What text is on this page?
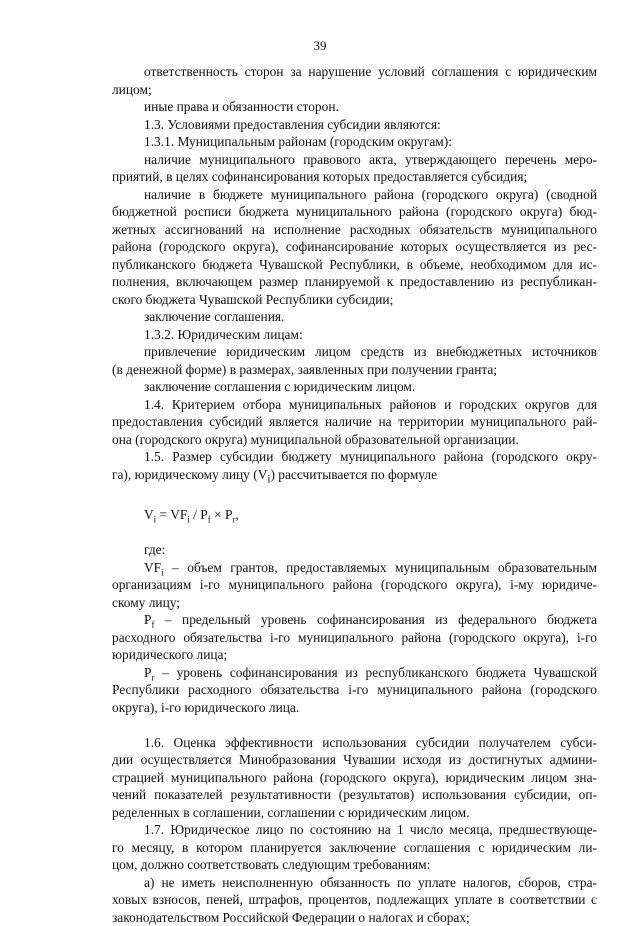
39
ответственность сторон за нарушение условий соглашения с юридическим
лицом;
иные права и обязанности сторон.
1.3. Условиями предоставления субсидии являются:
1.3.1. Муниципальным районам (городским округам):
наличие муниципального правового акта, утверждающего перечень меро-
приятий, в целях софинансирования которых предоставляется субсидия;
наличие в бюджете муниципального района (городского округа) (сводной
бюджетной росписи бюджета муниципального района (городского округа) бюд-
жетных ассигнований на исполнение расходных обязательств муниципального
района (городского округа), софинансирование которых осуществляется из рес-
публиканского бюджета Чувашской Республики, в объеме, необходимом для ис-
полнения, включающем размер планируемой к предоставлению из республикан-
ского бюджета Чувашской Республики субсидии;
заключение соглашения.
1.3.2. Юридическим лицам:
привлечение юридическим лицом средств из внебюджетных источников
(в денежной форме) в размерах, заявленных при получении гранта;
заключение соглашения с юридическим лицом.
1.4. Критерием отбора муниципальных районов и городских округов для
предоставления субсидий является наличие на территории муниципального рай-
она (городского округа) муниципальной образовательной организации.
1.5. Размер субсидии бюджету муниципального района (городского окру-
га), юридическому лицу $(V_i)$ рассчитывается по формуле
$V_i = VF_i / P_f \times P_r$,
где:
$VF_i$ – объем грантов, предоставляемых муниципальным образовательным
организациям i-го муниципального района (городского округа), i-му юридиче-
скому лицу;
$P_f$ – предельный уровень софинансирования из федерального бюджета
расходного обязательства i-го муниципального района (городского округа), i-го
юридического лица;
$P_r$ – уровень софинансирования из республиканского бюджета Чувашской
Республики расходного обязательства i-го муниципального района (городского
округа), i-го юридического лица.
1.6. Оценка эффективности использования субсидии получателем субси-
дии осуществляется Минобразования Чувашии исходя из достигнутых админи-
страцией муниципального района (городского округа), юридическим лицом зна-
чений показателей результативности (результатов) использования субсидии, оп-
ределенных в соглашении, соглашении с юридическим лицом.
1.7. Юридическое лицо по состоянию на 1 число месяца, предшествующе-
го месяцу, в котором планируется заключение соглашения с юридическим ли-
цом, должно соответствовать следующим требованиям:
а) не иметь неисполненную обязанность по уплате налогов, сборов, стра-
ховых взносов, пеней, штрафов, процентов, подлежащих уплате в соответствии с
законодательством Российской Федерации о налогах и сборах;
